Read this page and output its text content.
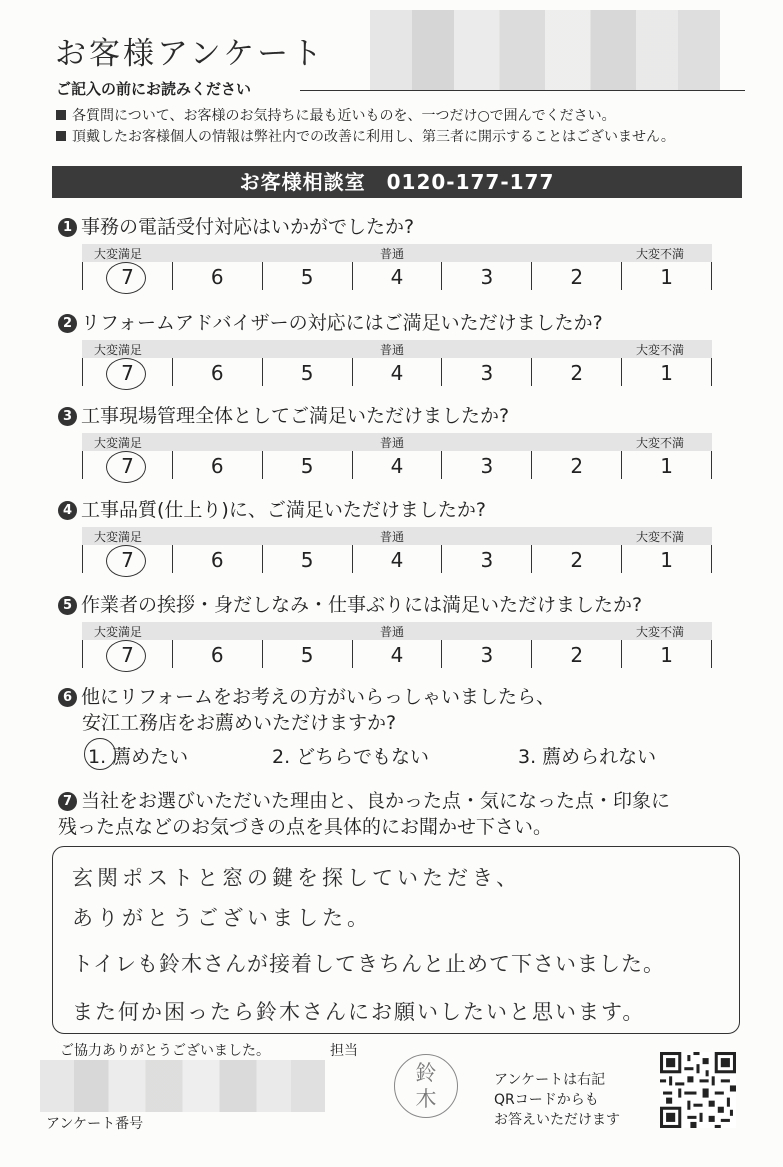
お客様アンケート
ご記入の前にお読みください
各質問について、お客様のお気持ちに最も近いものを、一つだけ○で囲んでください。
頂戴したお客様個人の情報は弊社内での改善に利用し、第三者に開示することはございません。
お客様相談室　0120-177-177
1 事務の電話受付対応はいかがでしたか?
大変満足	普通	大変不満
7	6	5	4	3	2	1
2 リフォームアドバイザーの対応にはご満足いただけましたか?
大変満足	普通	大変不満
7	6	5	4	3	2	1
3 工事現場管理全体としてご満足いただけましたか?
大変満足	普通	大変不満
7	6	5	4	3	2	1
4 工事品質(仕上り)に、ご満足いただけましたか?
大変満足	普通	大変不満
7	6	5	4	3	2	1
5 作業者の挨拶・身だしなみ・仕事ぶりには満足いただけましたか?
大変満足	普通	大変不満
7	6	5	4	3	2	1
6 他にリフォームをお考えの方がいらっしゃいましたら、
安江工務店をお薦めいただけますか?
1. 薦めたい	2. どちらでもない	3. 薦められない
7 当社をお選びいただいた理由と、良かった点・気になった点・印象に
残った点などのお気づきの点を具体的にお聞かせ下さい。
玄関ポストと窓の鍵を探していただき、
ありがとうございました。
トイレも鈴木さんが接着してきちんと止めて下さいました。
また何か困ったら鈴木さんにお願いしたいと思います。
ご協力ありがとうございました。	担当
アンケート番号
鈴
木
アンケートは右記
QRコードからも
お答えいただけます
